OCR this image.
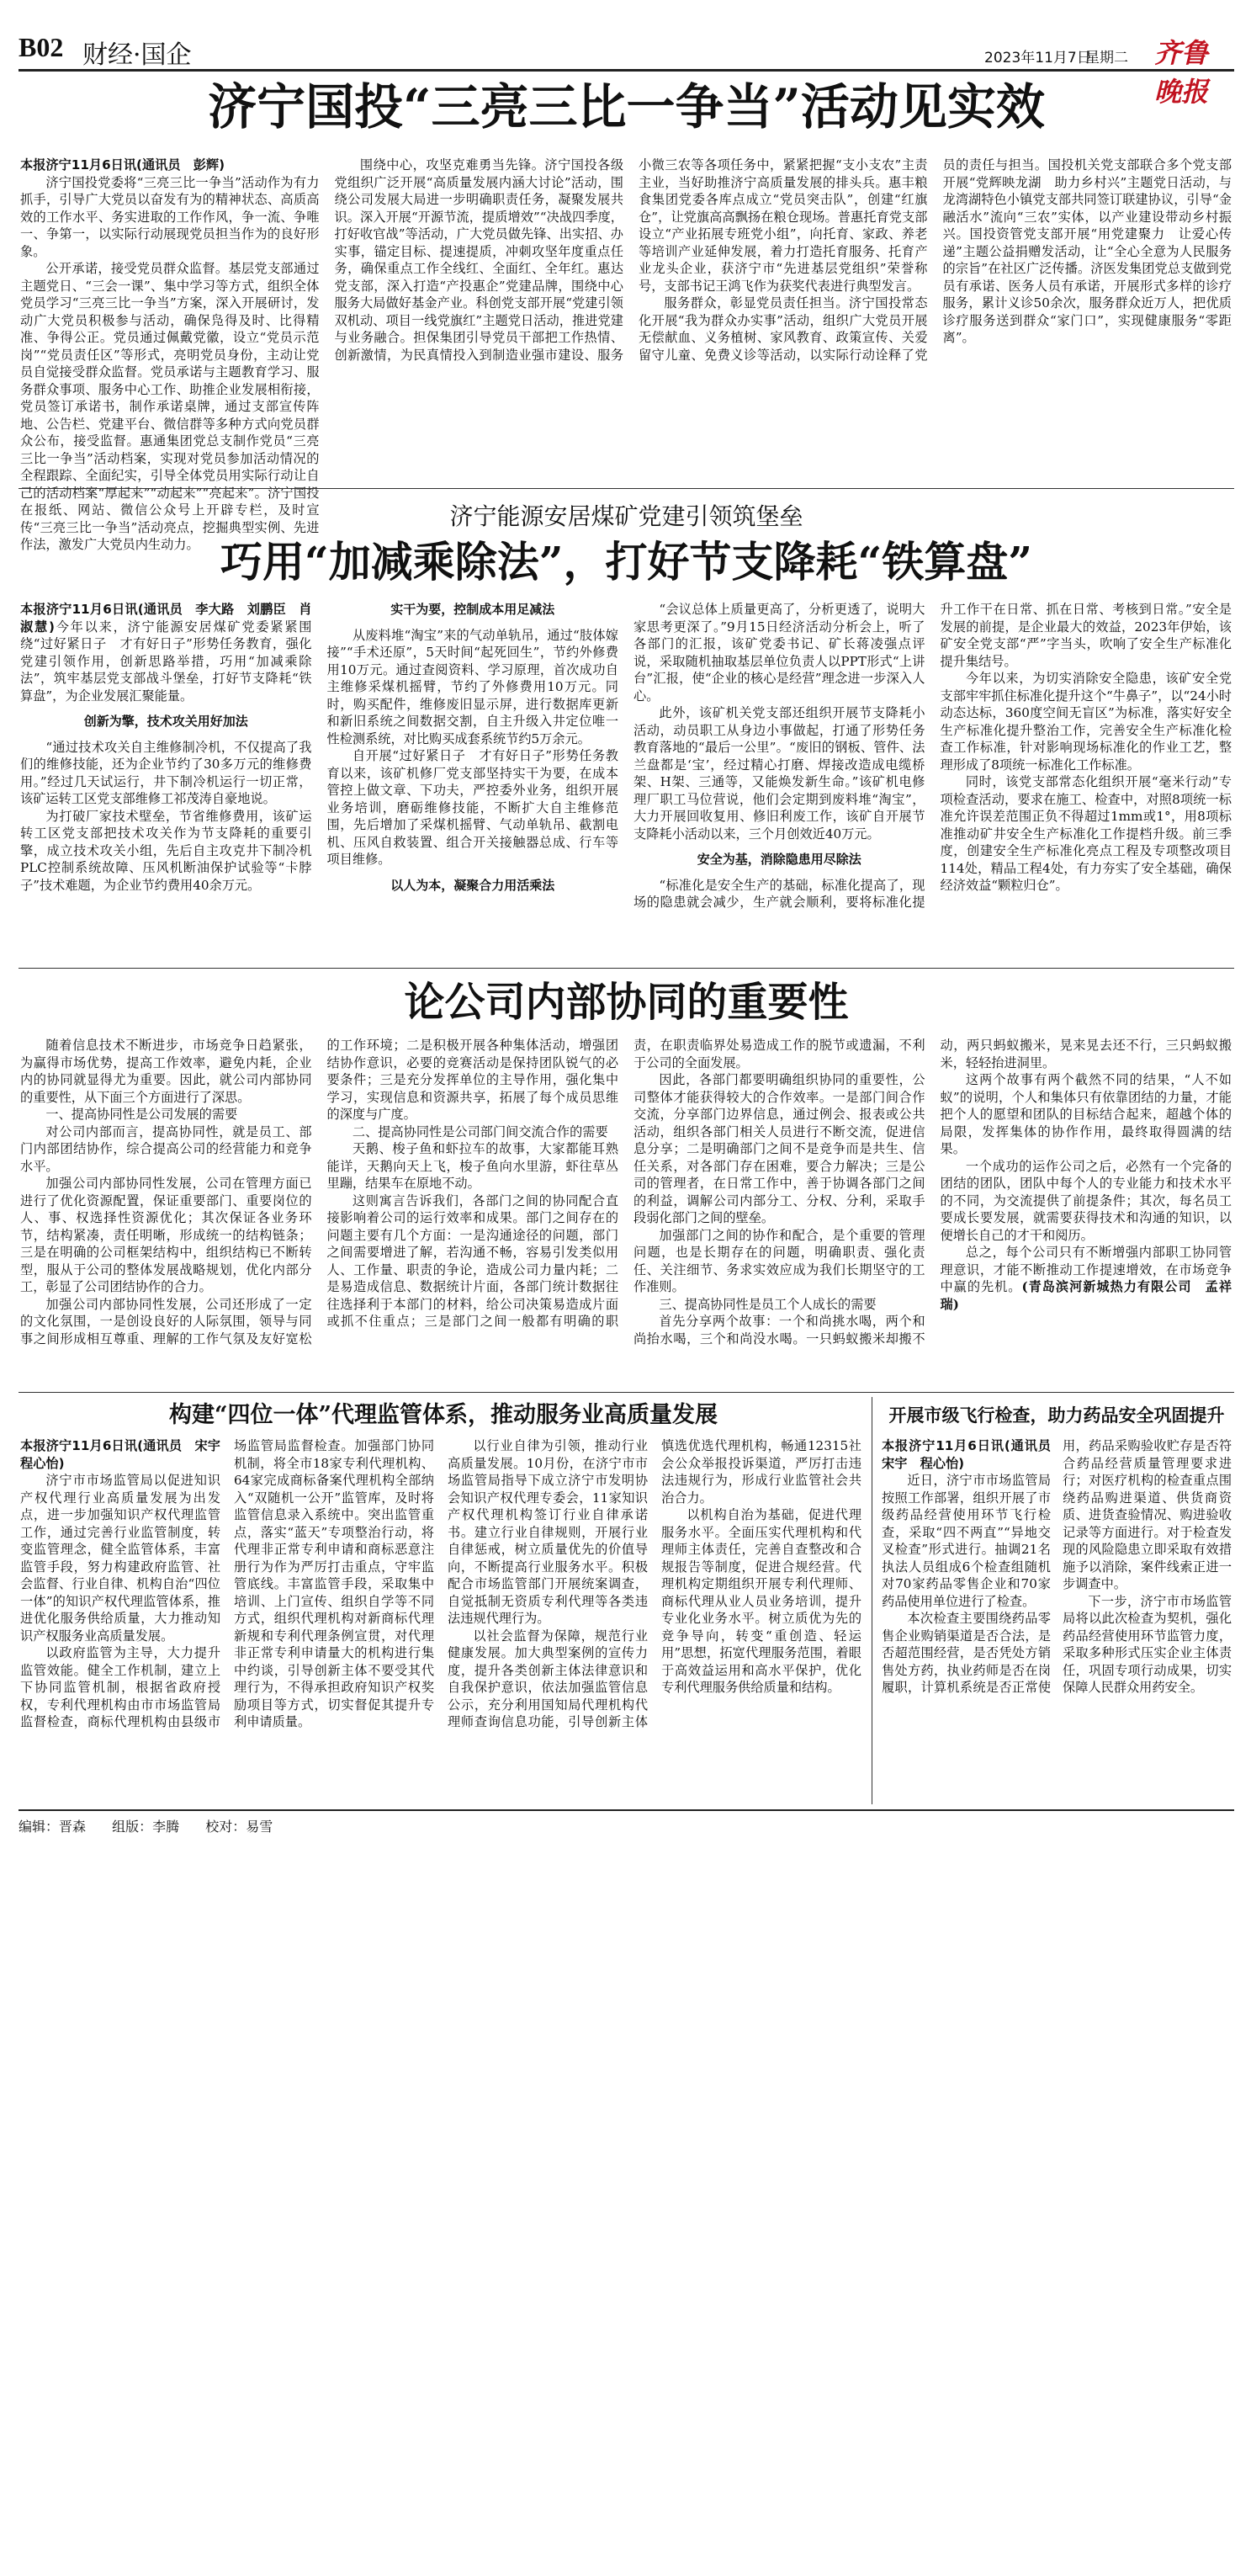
B02 财经·国企	2023年11月7日
星期二 齐鲁晚报
济宁国投“三亮三比一争当”活动见实效

本报济宁11月6日讯(通讯员　彭辉)

济宁国投党委将“三亮三比一争当”活动作为有力抓手，引导广大党员以奋发有为的精神状态、高质高效的工作水平、务实进取的工作作风，争一流、争唯一、争第一，以实际行动展现党员担当作为的良好形象。

公开承诺，接受党员群众监督。基层党支部通过主题党日、“三会一课”、集中学习等方式，组织全体党员学习“三亮三比一争当”方案，深入开展研讨，发动广大党员积极参与活动，确保凫得及时、比得精准、争得公正。党员通过佩戴党徽，设立“党员示范岗”“党员责任区”等形式，亮明党员身份，主动让党员自觉接受群众监督。党员承诺与主题教育学习、服务群众事项、服务中心工作、助推企业发展相衔接，党员签订承诺书，制作承诺桌牌，通过支部宣传阵地、公告栏、党建平台、微信群等多种方式向党员群众公布，接受监督。惠通集团党总支制作党员“三亮三比一争当”活动档案，实现对党员参加活动情况的全程跟踪、全面纪实，引导全体党员用实际行动让自己的活动档案“厚起来”“动起来”“亮起来”。济宁国投在报纸、网站、微信公众号上开辟专栏，及时宣传“三亮三比一争当”活动亮点，挖掘典型实例、先进作法，激发广大党员内生动力。

围绕中心，攻坚克难勇当先锋。济宁国投各级党组织广泛开展“高质量发展内涵大讨论”活动，围绕公司发展大局进一步明确职责任务，凝聚发展共识。深入开展“开源节流，提质增效”“决战四季度，打好收官战”等活动，广大党员做先锋、出实招、办实事，锚定目标、提速提质，冲刺攻坚年度重点任务，确保重点工作全线红、全面红、全年红。惠达党支部，深入打造“产投惠企”党建品牌，围绕中心服务大局做好基金产业。科创党支部开展“党建引领双机动、项目一线党旗红”主题党日活动，推进党建与业务融合。担保集团引导党员干部把工作热情、创新激情，为民真情投入到制造业强市建设、服务小微三农等各项任务中，紧紧把握“支小支农”主责主业，当好助推济宁高质量发展的排头兵。惠丰粮食集团党委各库点成立“党员突击队”，创建“红旗仓”，让党旗高高飘扬在粮仓现场。普惠托育党支部设立“产业拓展专班党小组”，向托育、家政、养老等培训产业延伸发展，着力打造托育服务、托育产业龙头企业，获济宁市“先进基层党组织”荣誉称号，支部书记王鸿飞作为获奖代表进行典型发言。

服务群众，彰显党员责任担当。济宁国投常态化开展“我为群众办实事”活动，组织广大党员开展无偿献血、义务植树、家风教育、政策宣传、关爱留守儿童、免费义诊等活动，以实际行动诠释了党员的责任与担当。国投机关党支部联合多个党支部开展“党辉映龙湖　助力乡村兴”主题党日活动，与龙湾湖特色小镇党支部共同签订联建协议，引导“金融活水”流向“三农”实体，以产业建设带动乡村振兴。国投资管党支部开展“用党建聚力　让爱心传递”主题公益捐赠发活动，让“全心全意为人民服务的宗旨”在社区广泛传播。济医发集团党总支做到党员有承诺、医务人员有承诺，开展形式多样的诊疗服务，累计义诊50余次，服务群众近万人，把优质诊疗服务送到群众“家门口”，实现健康服务“零距离”。

济宁能源安居煤矿党建引领筑堡垒
巧用“加减乘除法”，打好节支降耗“铁算盘”

本报济宁11月6日讯(通讯员　李大路　刘鹏臣　肖淑慧)今年以来，济宁能源安居煤矿党委紧紧围绕“过好紧日子　才有好日子”形势任务教育，强化党建引领作用，创新思路举措，巧用“加减乘除法”，筑牢基层党支部战斗堡垒，打好节支降耗“铁算盘”，为企业发展汇聚能量。

创新为擎，技术攻关用好加法

“通过技术攻关自主维修制冷机，不仅提高了我们的维修技能，还为企业节约了30多万元的维修费用。”经过几天试运行，井下制冷机运行一切正常，该矿运转工区党支部维修工祁茂涛自豪地说。

为打破厂家技术壁垒，节省维修费用，该矿运转工区党支部把技术攻关作为节支降耗的重要引擎，成立技术攻关小组，先后自主攻克井下制冷机PLC控制系统故障、压风机断油保护试验等“卡脖子”技术难题，为企业节约费用40余万元。

实干为要，控制成本用足减法

从废料堆“淘宝”来的气动单轨吊，通过“肢体嫁接”“手术还原”，5天时间“起死回生”，节约外修费用10万元。通过查阅资料、学习原理，首次成功自主维修采煤机摇臂，节约了外修费用10万元。同时，购买配件，维修废旧显示屏，进行数据库更新和新旧系统之间数据交割，自主升级入井定位唯一性检测系统，对比购买成套系统节约5万余元。

自开展“过好紧日子　才有好日子”形势任务教育以来，该矿机修厂党支部坚持实干为要，在成本管控上做文章、下功夫，严控委外业务，组织开展业务培训，磨砺维修技能，不断扩大自主维修范围，先后增加了采煤机摇臂、气动单轨吊、截割电机、压风自救装置、组合开关接触器总成、行车等项目维修。

以人为本，凝聚合力用活乘法

“会议总体上质量更高了，分析更透了，说明大家思考更深了。”9月15日经济活动分析会上，听了各部门的汇报，该矿党委书记、矿长蒋凌强点评说，采取随机抽取基层单位负责人以PPT形式“上讲台”汇报，使“企业的核心是经营”理念进一步深入人心。

此外，该矿机关党支部还组织开展节支降耗小活动，动员职工从身边小事做起，打通了形势任务教育落地的“最后一公里”。“废旧的钢板、管件、法兰盘都是‘宝’，经过精心打磨、焊接改造成电缆桥架、H架、三通等，又能焕发新生命。”该矿机电修理厂职工马位营说，他们会定期到废料堆“淘宝”，大力开展回收复用、修旧利废工作，该矿自开展节支降耗小活动以来，三个月创效近40万元。

安全为基，消除隐患用尽除法

“标准化是安全生产的基础，标准化提高了，现场的隐患就会减少，生产就会顺利，要将标准化提升工作干在日常、抓在日常、考核到日常。”安全是发展的前提，是企业最大的效益，2023年伊始，该矿安全党支部“严”字当头，吹响了安全生产标准化提升集结号。

今年以来，为切实消除安全隐患，该矿安全党支部牢牢抓住标准化提升这个“牛鼻子”，以“24小时动态达标，360度空间无盲区”为标准，落实好安全生产标准化提升整治工作，完善安全生产标准化检查工作标准，针对影响现场标准化的作业工艺，整理形成了8项统一标准化工作标准。

同时，该党支部常态化组织开展“毫米行动”专项检查活动，要求在施工、检查中，对照8项统一标准允许误差范围正负不得超过1mm或1°，用8项标准推动矿井安全生产标准化工作提档升级。前三季度，创建安全生产标准化亮点工程及专项整改项目114处，精品工程4处，有力夯实了安全基础，确保经济效益“颗粒归仓”。

论公司内部协同的重要性

随着信息技术不断进步，市场竞争日趋紧张，为赢得市场优势，提高工作效率，避免内耗，企业内的协同就显得尤为重要。因此，就公司内部协同的重要性，从下面三个方面进行了深思。

一、提高协同性是公司发展的需要

对公司内部而言，提高协同性，就是员工、部门内部团结协作，综合提高公司的经营能力和竞争水平。

加强公司内部协同性发展，公司在管理方面已进行了优化资源配置，保证重要部门、重要岗位的人、事、权选择性资源优化；其次保证各业务环节，结构紧凑，责任明晰，形成统一的结构链条；三是在明确的公司框架结构中，组织结构已不断转型，服从于公司的整体发展战略规划，优化内部分工，彰显了公司团结协作的合力。

加强公司内部协同性发展，公司还形成了一定的文化氛围，一是创设良好的人际氛围，领导与同事之间形成相互尊重、理解的工作气氛及友好宽松的工作环境；二是积极开展各种集体活动，增强团结协作意识，必要的竞赛活动是保持团队锐气的必要条件；三是充分发挥单位的主导作用，强化集中学习，实现信息和资源共享，拓展了每个成员思维的深度与广度。

二、提高协同性是公司部门间交流合作的需要

天鹅、梭子鱼和虾拉车的故事，大家都能耳熟能详，天鹅向天上飞，梭子鱼向水里游，虾往草丛里蹦，结果车在原地不动。

这则寓言告诉我们，各部门之间的协同配合直接影响着公司的运行效率和成果。部门之间存在的问题主要有几个方面：一是沟通途径的问题，部门之间需要增进了解，若沟通不畅，容易引发类似用人、工作量、职责的争论，造成公司力量内耗；二是易造成信息、数据统计片面，各部门统计数据往往选择利于本部门的材料，给公司决策易造成片面或抓不住重点；三是部门之间一般都有明确的职责，在职责临界处易造成工作的脱节或遗漏，不利于公司的全面发展。

因此，各部门都要明确组织协同的重要性，公司整体才能获得较大的合作效率。一是部门间合作交流，分享部门边界信息，通过例会、报表或公共活动，组织各部门相关人员进行不断交流，促进信息分享；二是明确部门之间不是竞争而是共生、信任关系，对各部门存在困难，要合力解决；三是公司的管理者，在日常工作中，善于协调各部门之间的利益，调解公司内部分工、分权、分利，采取手段弱化部门之间的壁垒。

加强部门之间的协作和配合，是个重要的管理问题，也是长期存在的问题，明确职责、强化责任、关注细节、务求实效应成为我们长期坚守的工作准则。

三、提高协同性是员工个人成长的需要

首先分享两个故事：一个和尚挑水喝，两个和尚抬水喝，三个和尚没水喝。一只蚂蚁搬米却搬不动，两只蚂蚁搬米，晃来晃去还不行，三只蚂蚁搬米，轻轻抬进洞里。

这两个故事有两个截然不同的结果，“人不如蚁”的说明，个人和集体只有依靠团结的力量，才能把个人的愿望和团队的目标结合起来，超越个体的局限，发挥集体的协作作用，最终取得圆满的结果。

一个成功的运作公司之后，必然有一个完备的团结的团队，团队中每个人的专业能力和技术水平的不同，为交流提供了前提条件；其次，每名员工要成长要发展，就需要获得技术和沟通的知识，以便增长自己的才干和阅历。

总之，每个公司只有不断增强内部职工协同管理意识，才能不断推动工作提速增效，在市场竞争中赢的先机。(青岛滨河新城热力有限公司　孟祥瑞)

构建“四位一体”代理监管体系，推动服务业高质量发展

本报济宁11月6日讯(通讯员　宋宇　程心怡)

济宁市市场监管局以促进知识产权代理行业高质量发展为出发点，进一步加强知识产权代理监管工作，通过完善行业监管制度，转变监管理念，健全监管体系，丰富监管手段，努力构建政府监管、社会监督、行业自律、机构自治“四位一体”的知识产权代理监管体系，推进优化服务供给质量，大力推动知识产权服务业高质量发展。

以政府监管为主导，大力提升监管效能。健全工作机制，建立上下协同监管机制，根据省政府授权，专利代理机构由市市场监管局监督检查，商标代理机构由县级市场监管局监督检查。加强部门协同机制，将全市18家专利代理机构、64家完成商标备案代理机构全部纳入“双随机一公开”监管库，及时将监管信息录入系统中。突出监管重点，落实“蓝天”专项整治行动，将代理非正常专利申请和商标恶意注册行为作为严厉打击重点，守牢监管底线。丰富监管手段，采取集中培训、上门宣传、组织自学等不同方式，组织代理机构对新商标代理新规和专利代理条例宣贯，对代理非正常专利申请量大的机构进行集中约谈，引导创新主体不要受其代理行为，不得承担政府知识产权奖励项目等方式，切实督促其提升专利申请质量。

以行业自律为引领，推动行业高质量发展。10月份，在济宁市市场监管局指导下成立济宁市发明协会知识产权代理专委会，11家知识产权代理机构签订行业自律承诺书。建立行业自律规则，开展行业自律惩戒，树立质量优先的价值导向，不断提高行业服务水平。积极配合市场监管部门开展统案调查，自觉抵制无资质专利代理等各类违法违规代理行为。

以社会监督为保障，规范行业健康发展。加大典型案例的宣传力度，提升各类创新主体法律意识和自我保护意识，依法加强监管信息公示，充分利用国知局代理机构代理师查询信息功能，引导创新主体慎选优选代理机构，畅通12315社会公众举报投诉渠道，严厉打击违法违规行为，形成行业监管社会共治合力。

以机构自治为基础，促进代理服务水平。全面压实代理机构和代理师主体责任，完善自查整改和合规报告等制度，促进合规经营。代理机构定期组织开展专利代理师、商标代理从业人员业务培训，提升专业化业务水平。树立质优为先的竞争导向，转变“重创造、轻运用”思想，拓宽代理服务范围，着眼于高效益运用和高水平保护，优化专利代理服务供给质量和结构。

开展市级飞行检查，助力药品安全巩固提升

本报济宁11月6日讯(通讯员　宋宇　程心怡)

近日，济宁市市场监管局按照工作部署，组织开展了市级药品经营使用环节飞行检查，采取“四不两直”“异地交叉检查”形式进行。抽调21名执法人员组成6个检查组随机对70家药品零售企业和70家药品使用单位进行了检查。

本次检查主要围绕药品零售企业购销渠道是否合法，是否超范围经营，是否凭处方销售处方药，执业药师是否在岗履职，计算机系统是否正常使用，药品采购验收贮存是否符合药品经营质量管理要求进行；对医疗机构的检查重点围绕药品购进渠道、供货商资质、进货查验情况、购进验收记录等方面进行。对于检查发现的风险隐患立即采取有效措施予以消除，案件线索正进一步调查中。

下一步，济宁市市场监管局将以此次检查为契机，强化药品经营使用环节监管力度，采取多种形式压实企业主体责任，巩固专项行动成果，切实保障人民群众用药安全。

编辑：晋森 组版：李腾 校对：易雪
